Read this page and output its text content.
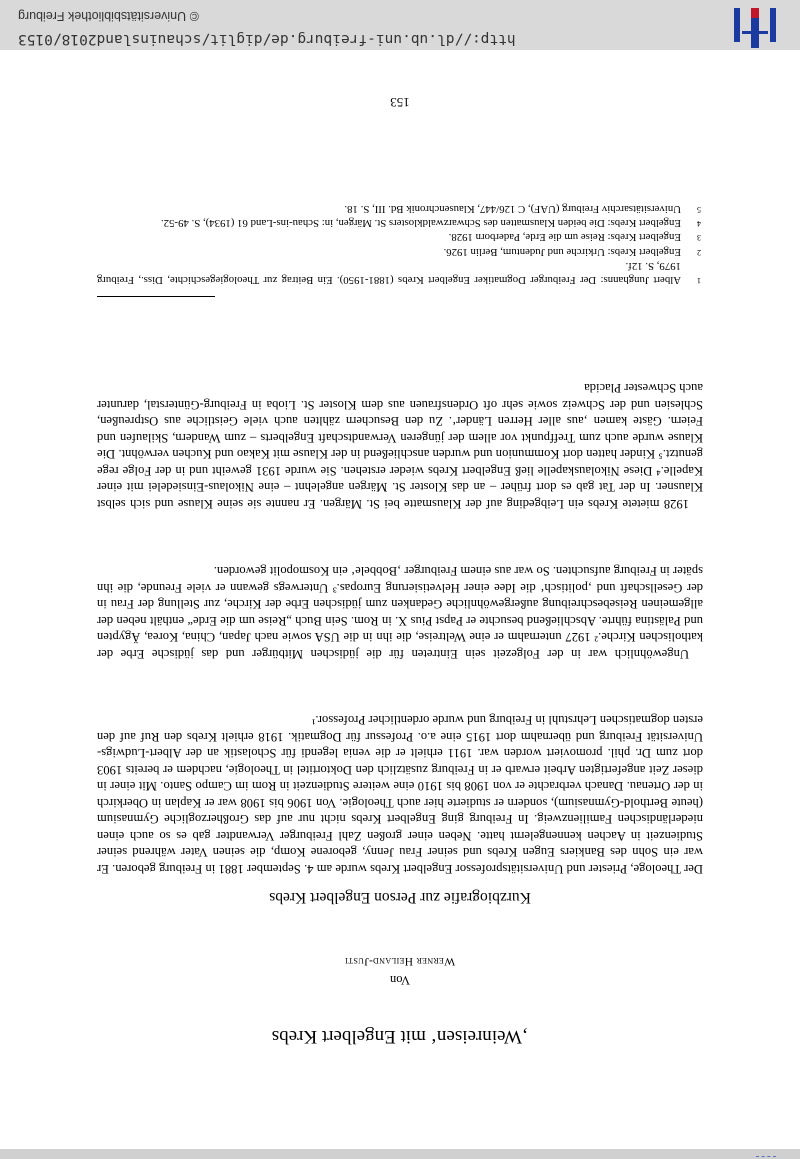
‚Weinreisen‘ mit Engelbert Krebs
Von
Werner Heiland-Justi
Kurzbiografie zur Person Engelbert Krebs

Der Theologe, Priester und Universitätsprofessor Engelbert Krebs wurde am 4. September 1881 in Freiburg geboren. Er war ein Sohn des Bankiers Eugen Krebs und seiner Frau Jenny, geborene Komp, die seinen Vater während seiner Studienzeit in Aachen kennengelernt hatte. Neben einer großen Zahl Freiburger Verwandter gab es so auch einen niederländischen Familienzweig. In Freiburg ging Engelbert Krebs nicht nur auf das Großherzogliche Gymnasium (heute Berthold-Gymnasium), sondern er studierte hier auch Theologie. Von 1906 bis 1908 war er Kaplan in Oberkirch in der Ortenau. Danach verbrachte er von 1908 bis 1910 eine weitere Studienzeit in Rom im Campo Santo. Mit einer in dieser Zeit angefertigten Arbeit erwarb er in Freiburg zusätzlich den Doktortitel in Theologie, nachdem er bereits 1903 dort zum Dr. phil. promoviert worden war. 1911 erhielt er die venia legendi für Scholastik an der Albert-Ludwigs-Universität Freiburg und übernahm dort 1915 eine a.o. Professur für Dogmatik. 1918 erhielt Krebs den Ruf auf den ersten dogmatischen Lehrstuhl in Freiburg und wurde ordentlicher Professor.¹

Ungewöhnlich war in der Folgezeit sein Eintreten für die jüdischen Mitbürger und das jüdische Erbe der katholischen Kirche.² 1927 unternahm er eine Weltreise, die ihn in die USA sowie nach Japan, China, Korea, Ägypten und Palästina führte. Abschließend besuchte er Papst Pius X. in Rom. Sein Buch „Reise um die Erde“ enthält neben der allgemeinen Reisebeschreibung außergewöhnliche Gedanken zum jüdischen Erbe der Kirche, zur Stellung der Frau in der Gesellschaft und ‚politisch‘ die Idee einer Helvetisierung Europas.³ Unterwegs gewann er viele Freunde, die ihn später in Freiburg aufsuchten. So war aus einem Freiburger ‚Bobbele‘ ein Kosmopolit geworden.

1928 mietete Krebs ein Leibgeding auf der Klausmatte bei St. Märgen. Er nannte sie seine Klause und sich selbst Klausner. In der Tat gab es dort früher – an das Kloster St. Märgen angelehnt – eine Nikolaus-Einsiedelei mit einer Kapelle.⁴ Diese Nikolauskapelle ließ Engelbert Krebs wieder erstehen. Sie wurde 1931 geweiht und in der Folge rege genutzt.⁵ Kinder hatten dort Kommunion und wurden anschließend in der Klause mit Kakao und Kuchen verwöhnt. Die Klause wurde auch zum Treffpunkt vor allem der jüngeren Verwandtschaft Engelberts – zum Wandern, Skilaufen und Feiern. Gäste kamen ‚aus aller Herren Länder‘. Zu den Besuchern zählten auch viele Geistliche aus Ostpreußen, Schlesien und der Schweiz sowie sehr oft Ordensfrauen aus dem Kloster St. Lioba in Freiburg-Günterstal, darunter auch Schwester Placida

1
Albert Junghanns: Der Freiburger Dogmatiker Engelbert Krebs (1881-1950). Ein Beitrag zur Theologiegeschichte, Diss., Freiburg 1979, S. 12f.
2
Engelbert Krebs: Urkirche und Judentum, Berlin 1926.
3
Engelbert Krebs: Reise um die Erde, Paderborn 1928.
4
Engelbert Krebs: Die beiden Klausmatten des Schwarzwaldklosters St. Märgen, in: Schau-ins-Land 61 (1934), S. 49-52.
5
Universitätsarchiv Freiburg (UAF), C 126/447, Klausenchronik Bd. III, S. 18.
153
http://dl.ub.uni-freiburg.de/diglit/schauinsland2018/0153
© Universitätsbibliothek Freiburg
